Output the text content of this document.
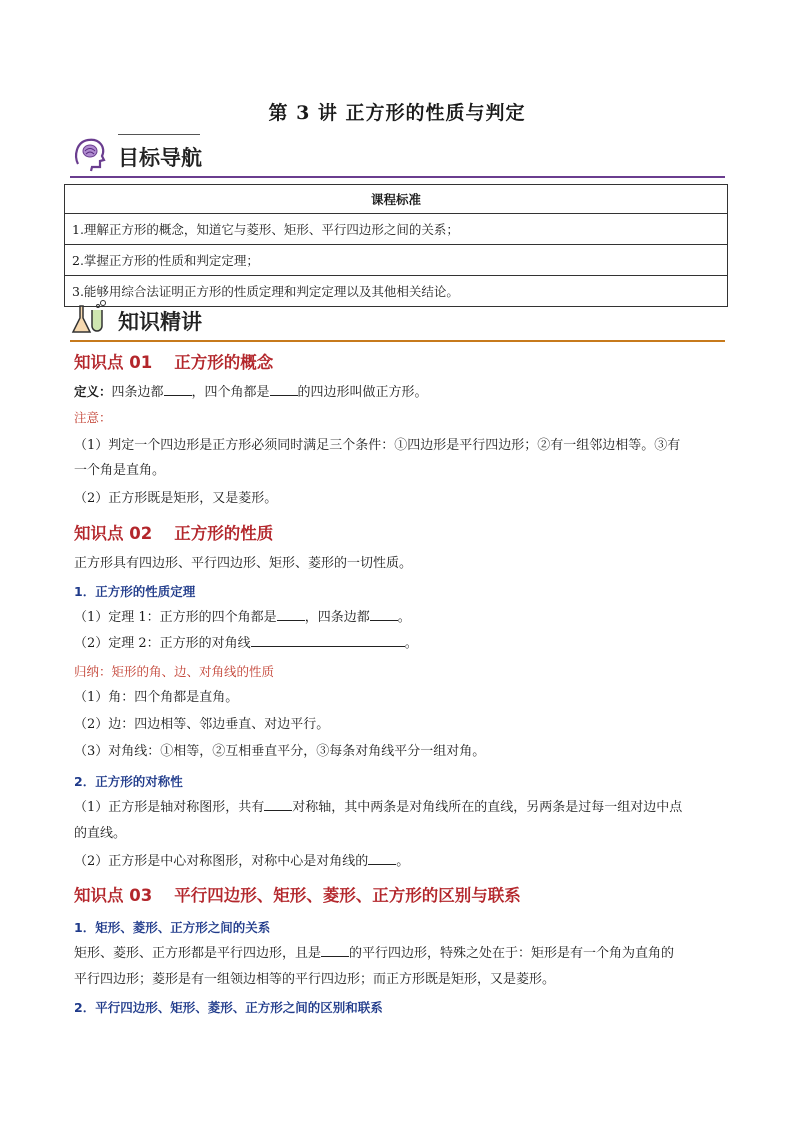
第 3 讲 正方形的性质与判定
目标导航
课程标准
1.理解正方形的概念，知道它与菱形、矩形、平行四边形之间的关系；
2.掌握正方形的性质和判定定理；
3.能够用综合法证明正方形的性质定理和判定定理以及其他相关结论。
知识精讲
知识点 01 正方形的概念
定义：四条边都 ，四个角都是 的四边形叫做正方形。
注意：
（1）判定一个四边形是正方形必须同时满足三个条件：①四边形是平行四边形；②有一组邻边相等。③有
一个角是直角。
（2）正方形既是矩形，又是菱形。
知识点 02 正方形的性质
正方形具有四边形、平行四边形、矩形、菱形的一切性质。
1．正方形的性质定理
（1）定理 1：正方形的四个角都是 ，四条边都 。
（2）定理 2：正方形的对角线	。
归纳：矩形的角、边、对角线的性质
（1）角：四个角都是直角。
（2）边：四边相等、邻边垂直、对边平行。
（3）对角线：①相等，②互相垂直平分，③每条对角线平分一组对角。
2．正方形的对称性
（1）正方形是轴对称图形，共有 对称轴，其中两条是对角线所在的直线，另两条是过每一组对边中点
的直线。
（2）正方形是中心对称图形，对称中心是对角线的 。
知识点 03 平行四边形、矩形、菱形、正方形的区别与联系
1．矩形、菱形、正方形之间的关系
矩形、菱形、正方形都是平行四边形，且是 的平行四边形，特殊之处在于：矩形是有一个角为直角的
平行四边形；菱形是有一组领边相等的平行四边形；而正方形既是矩形，又是菱形。
2．平行四边形、矩形、菱形、正方形之间的区别和联系
